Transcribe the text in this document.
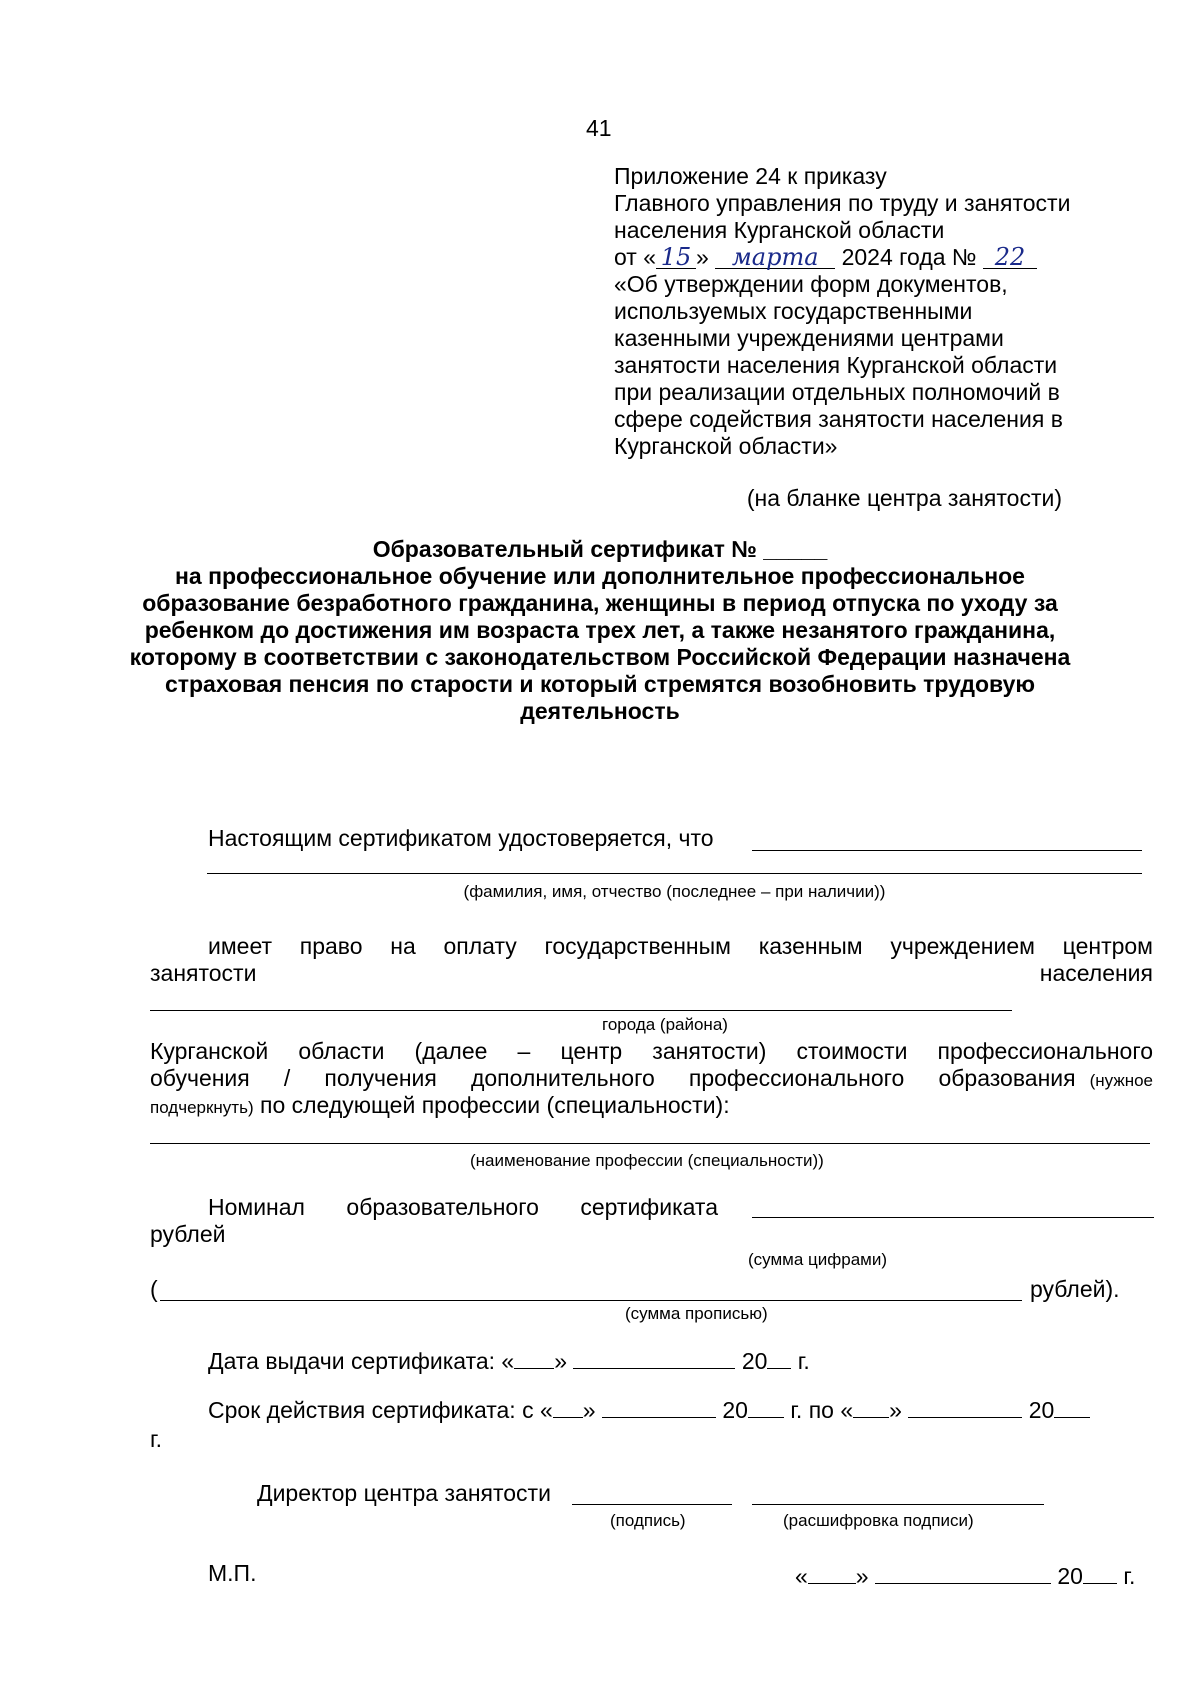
41
Приложение 24 к приказу
Главного управления по труду и занятости
населения Курганской области
от « 15 » марта 2024 года № 22
«Об утверждении форм документов,
используемых государственными
казенными учреждениями центрами
занятости населения Курганской области
при реализации отдельных полномочий в
сфере содействия занятости населения в
Курганской области»
(на бланке центра занятости)
Образовательный сертификат № _____
на профессиональное обучение или дополнительное профессиональное
образование безработного гражданина, женщины в период отпуска по уходу за
ребенком до достижения им возраста трех лет, а также незанятого гражданина,
которому в соответствии с законодательством Российской Федерации назначена
страховая пенсия по старости и который стремятся возобновить трудовую
деятельность
Настоящим сертификатом удостоверяется, что
(фамилия, имя, отчество (последнее – при наличии))
имеет право на оплату государственным казенным учреждением центром
занятости	населения
города (района)
Курганской области (далее – центр занятости) стоимости профессионального
обучения / получения дополнительного профессионального образования (нужное
подчеркнуть) по следующей профессии (специальности):
(наименование профессии (специальности))
Номинал образовательного сертификата
рублей
(сумма цифрами)
(	рублей).
(сумма прописью)
Дата выдачи сертификата: « »	20 г.
Срок действия сертификата: с « »	20 г. по « »	20
г.
Директор центра занятости
(подпись)	(расшифровка подписи)
М.П.	« »	20 г.
